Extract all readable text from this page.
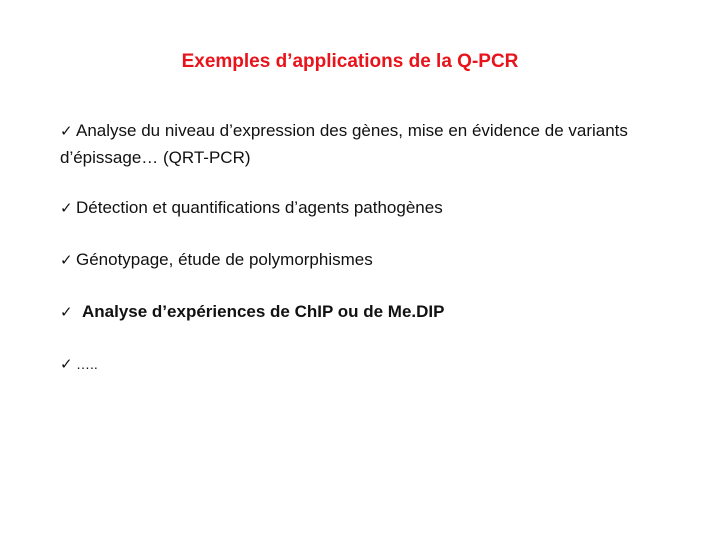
Exemples d’applications de la Q-PCR
✓ Analyse du niveau d’expression des gènes, mise en évidence de variants d’épissage… (QRT-PCR)
✓ Détection et quantifications d’agents pathogènes
✓ Génotypage, étude de polymorphismes
✓ Analyse d’expériences de ChIP ou de Me.DIP
✓ …..
